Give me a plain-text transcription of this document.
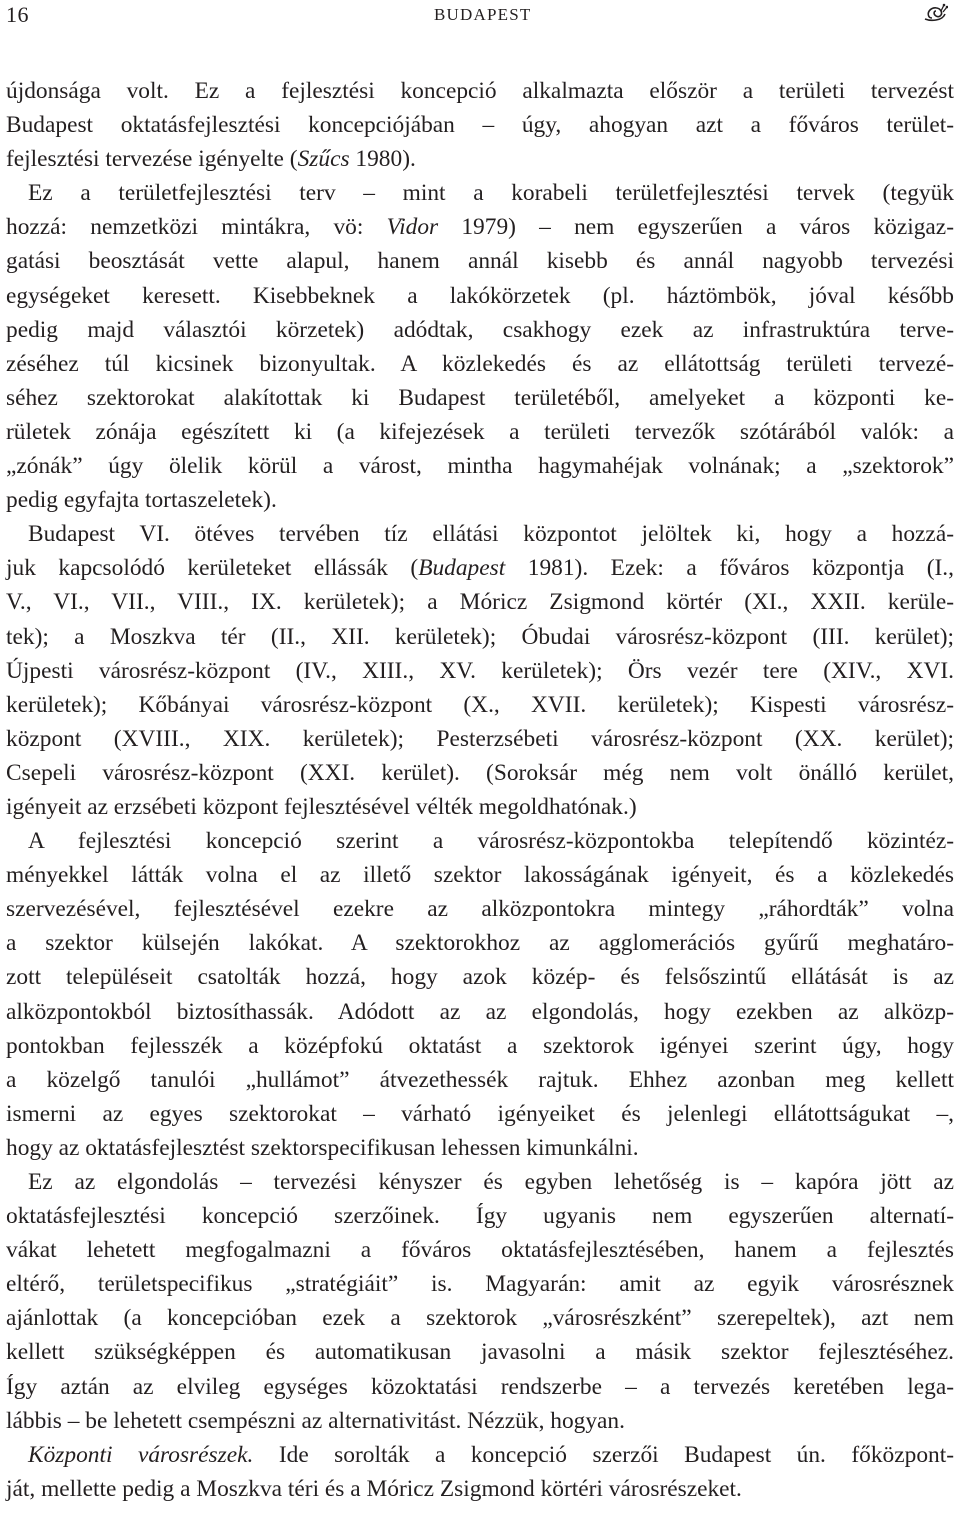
16	BUDAPEST
újdonsága volt. Ez a fejlesztési koncepció alkalmazta először a területi tervezést
Budapest oktatásfejlesztési koncepciójában – úgy, ahogyan azt a főváros terület-
fejlesztési tervezése igényelte (Szűcs 1980).
Ez a területfejlesztési terv – mint a korabeli területfejlesztési tervek (tegyük
hozzá: nemzetközi mintákra, vö: Vidor 1979) – nem egyszerűen a város közigaz-
gatási beosztását vette alapul, hanem annál kisebb és annál nagyobb tervezési
egységeket keresett. Kisebbeknek a lakókörzetek (pl. háztömbök, jóval később
pedig majd választói körzetek) adódtak, csakhogy ezek az infrastruktúra terve-
zéséhez túl kicsinek bizonyultak. A közlekedés és az ellátottság területi tervezé-
séhez szektorokat alakítottak ki Budapest területéből, amelyeket a központi ke-
rületek zónája egészített ki (a kifejezések a területi tervezők szótárából valók: a
„zónák” úgy ölelik körül a várost, mintha hagymahéjak volnának; a „szektorok”
pedig egyfajta tortaszeletek).
Budapest VI. ötéves tervében tíz ellátási központot jelöltek ki, hogy a hozzá-
juk kapcsolódó kerületeket ellássák (Budapest 1981). Ezek: a főváros központja (I.,
V., VI., VII., VIII., IX. kerületek); a Móricz Zsigmond körtér (XI., XXII. kerüle-
tek); a Moszkva tér (II., XII. kerületek); Óbudai városrész-központ (III. kerület);
Újpesti városrész-központ (IV., XIII., XV. kerületek); Örs vezér tere (XIV., XVI.
kerületek); Kőbányai városrész-központ (X., XVII. kerületek); Kispesti városrész-
központ (XVIII., XIX. kerületek); Pesterzsébeti városrész-központ (XX. kerület);
Csepeli városrész-központ (XXI. kerület). (Soroksár még nem volt önálló kerület,
igényeit az erzsébeti központ fejlesztésével vélték megoldhatónak.)
A fejlesztési koncepció szerint a városrész-központokba telepítendő közintéz-
ményekkel látták volna el az illető szektor lakosságának igényeit, és a közlekedés
szervezésével, fejlesztésével ezekre az alközpontokra mintegy „ráhordták” volna
a szektor külsején lakókat. A szektorokhoz az agglomerációs gyűrű meghatáro-
zott településeit csatolták hozzá, hogy azok közép- és felsőszintű ellátását is az
alközpontokból biztosíthassák. Adódott az az elgondolás, hogy ezekben az alközp-
pontokban fejlesszék a középfokú oktatást a szektorok igényei szerint úgy, hogy
a közelgő tanulói „hullámot” átvezethessék rajtuk. Ehhez azonban meg kellett
ismerni az egyes szektorokat – várható igényeiket és jelenlegi ellátottságukat –,
hogy az oktatásfejlesztést szektorspecifikusan lehessen kimunkálni.
Ez az elgondolás – tervezési kényszer és egyben lehetőség is – kapóra jött az
oktatásfejlesztési koncepció szerzőinek. Így ugyanis nem egyszerűen alternatí-
vákat lehetett megfogalmazni a főváros oktatásfejlesztésében, hanem a fejlesztés
eltérő, területspecifikus „stratégiáit” is. Magyarán: amit az egyik városrésznek
ajánlottak (a koncepcióban ezek a szektorok „városrészként” szerepeltek), azt nem
kellett szükségképpen és automatikusan javasolni a másik szektor fejlesztéséhez.
Így aztán az elvileg egységes közoktatási rendszerbe – a tervezés keretében lega-
lábbis – be lehetett csempészni az alternativitást. Nézzük, hogyan.
Központi városrészek. Ide sorolták a koncepció szerzői Budapest ún. főközpont-
ját, mellette pedig a Moszkva téri és a Móricz Zsigmond körtéri városrészeket.
